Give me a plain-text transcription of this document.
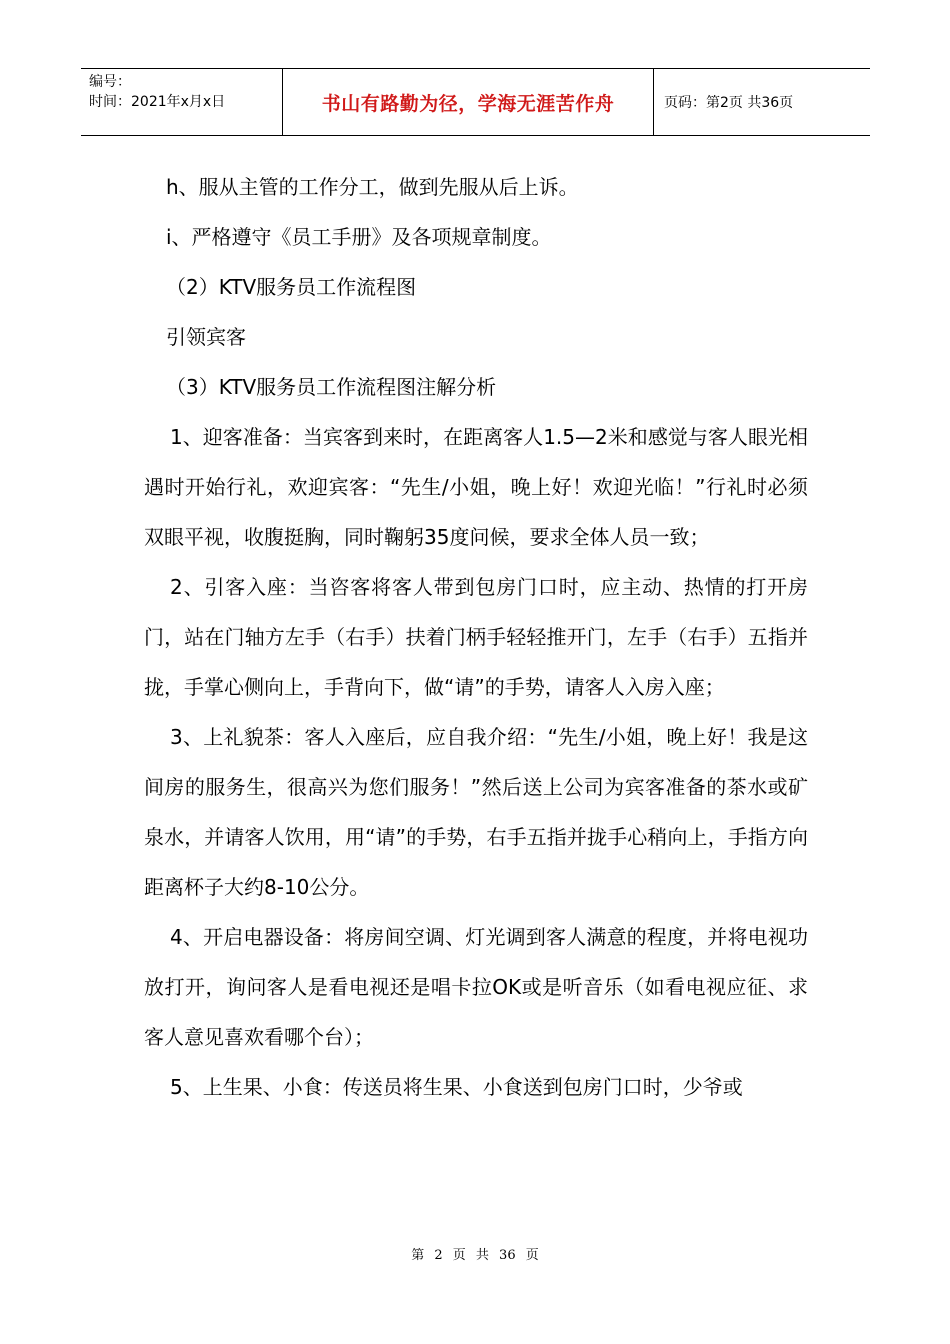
编号：
时间：2021年x月x日	书山有路勤为径，学海无涯苦作舟	页码：第2页 共36页

h、服从主管的工作分工，做到先服从后上诉。

i、严格遵守《员工手册》及各项规章制度。

（2）KTV服务员工作流程图

引领宾客

（3）KTV服务员工作流程图注解分析

1、迎客准备：当宾客到来时，在距离客人1.5—2米和感觉与客人眼光相遇时开始行礼，欢迎宾客：“先生/小姐，晚上好！欢迎光临！”行礼时必须双眼平视，收腹挺胸，同时鞠躬35度问候，要求全体人员一致；

2、引客入座：当咨客将客人带到包房门口时，应主动、热情的打开房门，站在门轴方左手（右手）扶着门柄手轻轻推开门，左手（右手）五指并拢，手掌心侧向上，手背向下，做“请”的手势，请客人入房入座；

3、上礼貌茶：客人入座后，应自我介绍：“先生/小姐，晚上好！我是这间房的服务生，很高兴为您们服务！”然后送上公司为宾客准备的茶水或矿泉水，并请客人饮用，用“请”的手势，右手五指并拢手心稍向上，手指方向距离杯子大约8-10公分。

4、开启电器设备：将房间空调、灯光调到客人满意的程度，并将电视功放打开，询问客人是看电视还是唱卡拉OK或是听音乐（如看电视应征、求客人意见喜欢看哪个台）；

5、上生果、小食：传送员将生果、小食送到包房门口时，少爷或

第 2 页 共 36 页
